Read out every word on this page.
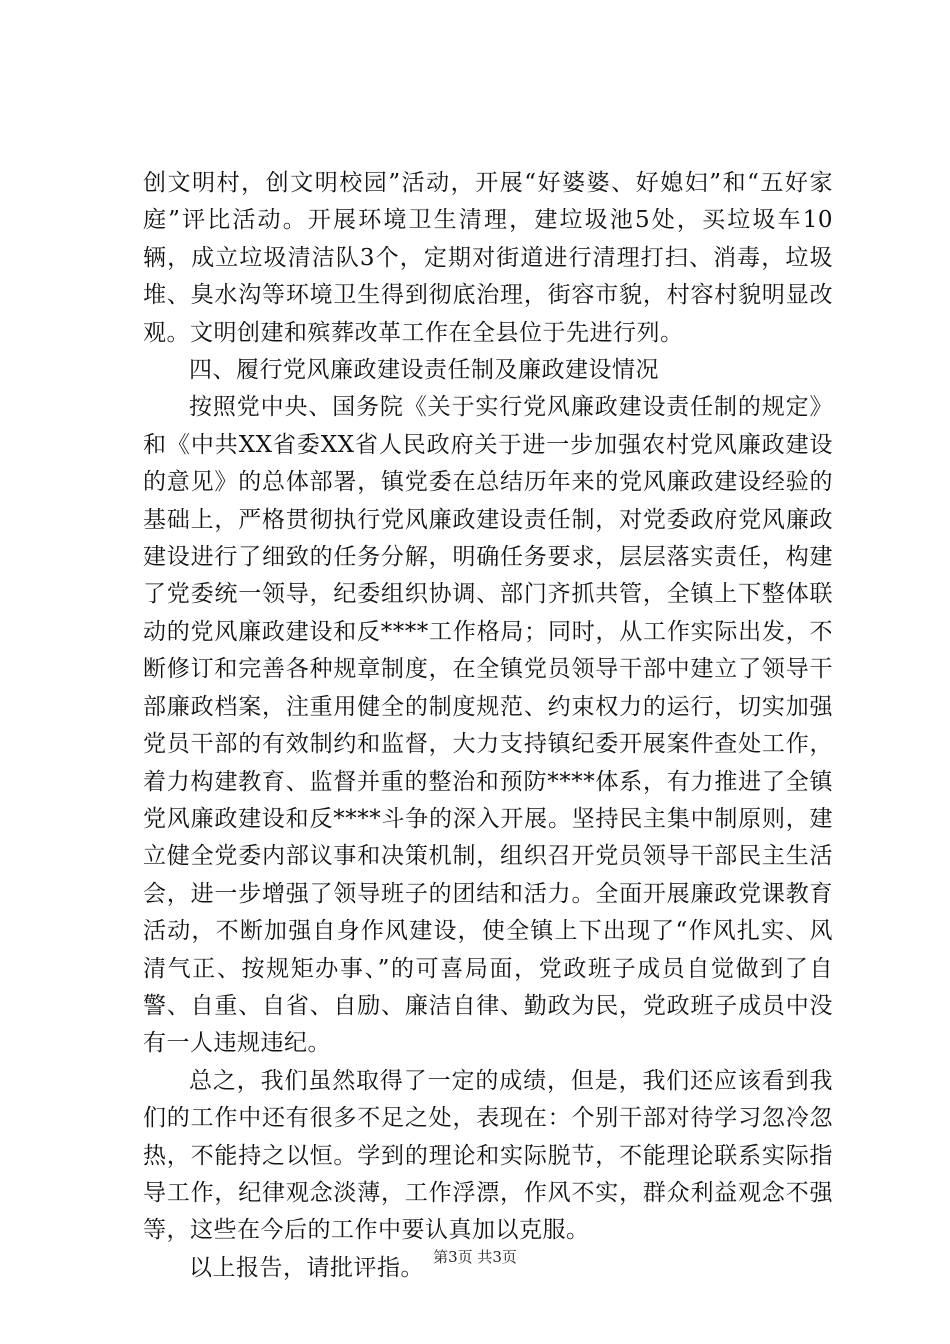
创文明村，创文明校园”活动，开展“好婆婆、好媳妇”和“五好家庭”评比活动。开展环境卫生清理，建垃圾池5处，买垃圾车10辆，成立垃圾清洁队3个，定期对街道进行清理打扫、消毒，垃圾堆、臭水沟等环境卫生得到彻底治理，街容市貌，村容村貌明显改观。文明创建和殡葬改革工作在全县位于先进行列。

四、履行党风廉政建设责任制及廉政建设情况

按照党中央、国务院《关于实行党风廉政建设责任制的规定》和《中共XX省委XX省人民政府关于进一步加强农村党风廉政建设的意见》的总体部署，镇党委在总结历年来的党风廉政建设经验的基础上，严格贯彻执行党风廉政建设责任制，对党委政府党风廉政建设进行了细致的任务分解，明确任务要求，层层落实责任，构建了党委统一领导，纪委组织协调、部门齐抓共管，全镇上下整体联动的党风廉政建设和反****工作格局；同时，从工作实际出发，不断修订和完善各种规章制度，在全镇党员领导干部中建立了领导干部廉政档案，注重用健全的制度规范、约束权力的运行，切实加强党员干部的有效制约和监督，大力支持镇纪委开展案件查处工作，着力构建教育、监督并重的整治和预防****体系，有力推进了全镇党风廉政建设和反****斗争的深入开展。坚持民主集中制原则，建立健全党委内部议事和决策机制，组织召开党员领导干部民主生活会，进一步增强了领导班子的团结和活力。全面开展廉政党课教育活动，不断加强自身作风建设，使全镇上下出现了“作风扎实、风清气正、按规矩办事、”的可喜局面，党政班子成员自觉做到了自警、自重、自省、自励、廉洁自律、勤政为民，党政班子成员中没有一人违规违纪。

总之，我们虽然取得了一定的成绩，但是，我们还应该看到我们的工作中还有很多不足之处，表现在：个别干部对待学习忽冷忽热，不能持之以恒。学到的理论和实际脱节，不能理论联系实际指导工作，纪律观念淡薄，工作浮漂，作风不实，群众利益观念不强等，这些在今后的工作中要认真加以克服。

以上报告，请批评指。 第3页 共3页
